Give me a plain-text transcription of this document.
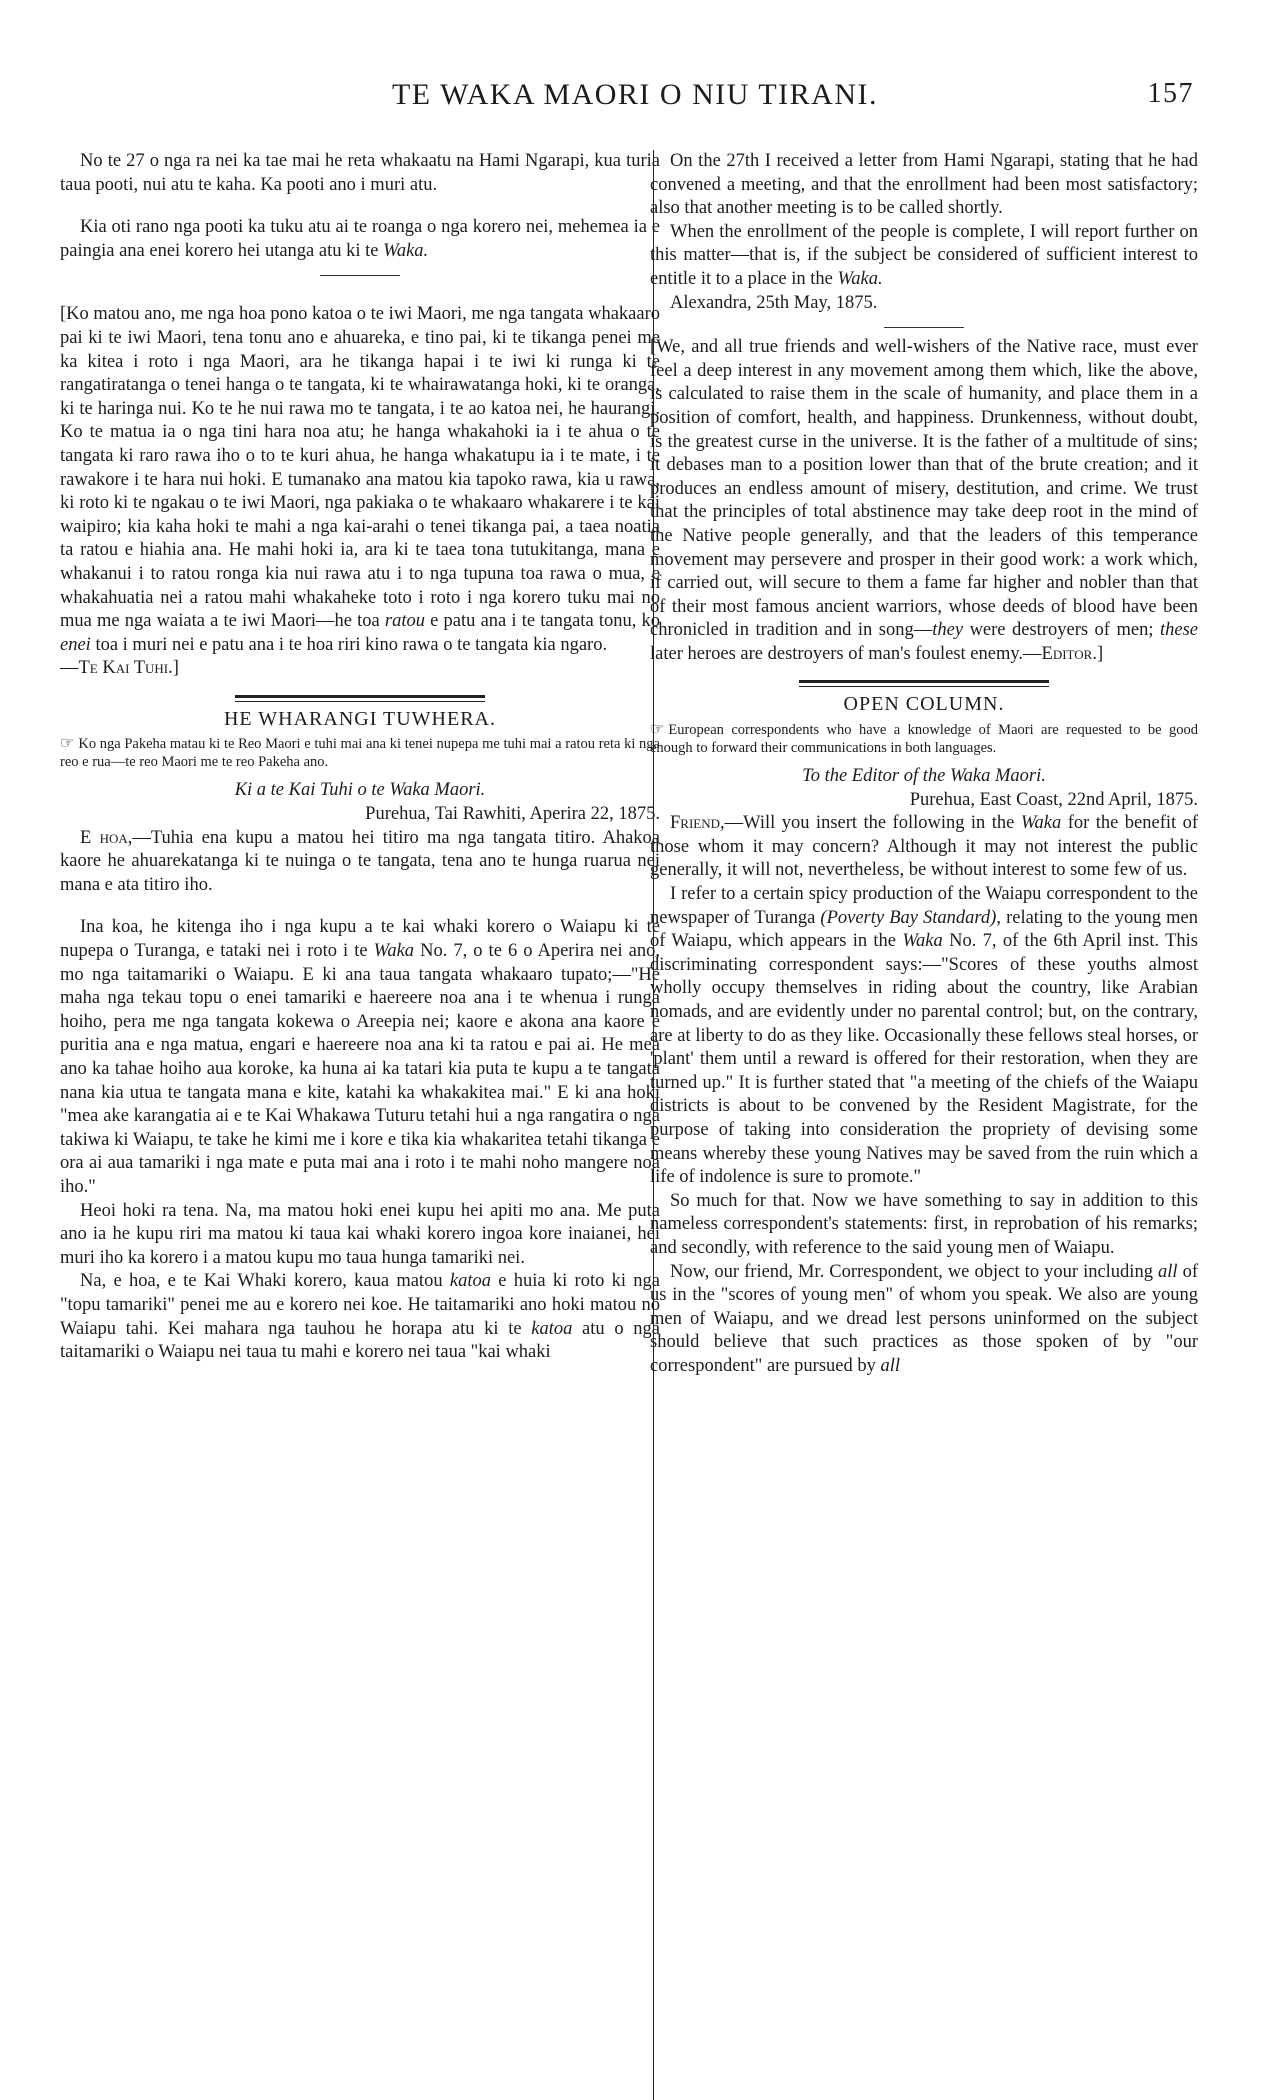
TE WAKA MAORI O NIU TIRANI.	157

No te 27 o nga ra nei ka tae mai he reta whakaatu na Hami Ngarapi, kua turia taua pooti, nui atu te kaha. Ka pooti ano i muri atu.

Kia oti rano nga pooti ka tuku atu ai te roanga o nga korero nei, mehemea ia e paingia ana enei korero hei utanga atu ki te Waka.

[Ko matou ano, me nga hoa pono katoa o te iwi Maori, me nga tangata whakaaro pai ki te iwi Maori, tena tonu ano e ahuareka, e tino pai, ki te tikanga penei me ka kitea i roto i nga Maori, ara he tikanga hapai i te iwi ki runga ki te rangatiratanga o tenei hanga o te tangata, ki te whairawatanga hoki, ki te oranga, ki te haringa nui. Ko te he nui rawa mo te tangata, i te ao katoa nei, he haurangi. Ko te matua ia o nga tini hara noa atu; he hanga whakahoki ia i te ahua o te tangata ki raro rawa iho o to te kuri ahua, he hanga whakatupu ia i te mate, i te rawakore i te hara nui hoki. E tumanako ana matou kia tapoko rawa, kia u rawa, ki roto ki te ngakau o te iwi Maori, nga pakiaka o te whakaaro whakarere i te kai waipiro; kia kaha hoki te mahi a nga kai-arahi o tenei tikanga pai, a taea noatia ta ratou e hiahia ana. He mahi hoki ia, ara ki te taea tona tutukitanga, mana e whakanui i to ratou ronga kia nui rawa atu i to nga tupuna toa rawa o mua, e whakahuatia nei a ratou mahi whakaheke toto i roto i nga korero tuku mai no mua me nga waiata a te iwi Maori—he toa ratou e patu ana i te tangata tonu, ko enei toa i muri nei e patu ana i te hoa riri kino rawa o te tangata kia ngaro.
—Te Kai Tuhi.]

HE WHARANGI TUWHERA.

☞ Ko nga Pakeha matau ki te Reo Maori e tuhi mai ana ki tenei nupepa me tuhi mai a ratou reta ki nga reo e rua—te reo Maori me te reo Pakeha ano.

Ki a te Kai Tuhi o te Waka Maori.

Purehua, Tai Rawhiti, Aperira 22, 1875.

E hoa,—Tuhia ena kupu a matou hei titiro ma nga tangata titiro. Ahakoa kaore he ahuarekatanga ki te nuinga o te tangata, tena ano te hunga ruarua nei mana e ata titiro iho.

Ina koa, he kitenga iho i nga kupu a te kai whaki korero o Waiapu ki te nupepa o Turanga, e tataki nei i roto i te Waka No. 7, o te 6 o Aperira nei ano, mo nga taitamariki o Waiapu. E ki ana taua tangata whakaaro tupato;—"He maha nga tekau topu o enei tamariki e haereere noa ana i te whenua i runga hoiho, pera me nga tangata kokewa o Areepia nei; kaore e akona ana kaore e puritia ana e nga matua, engari e haereere noa ana ki ta ratou e pai ai. He mea ano ka tahae hoiho aua koroke, ka huna ai ka tatari kia puta te kupu a te tangata nana kia utua te tangata mana e kite, katahi ka whakakitea mai." E ki ana hoki "mea ake karangatia ai e te Kai Whakawa Tuturu tetahi hui a nga rangatira o nga takiwa ki Waiapu, te take he kimi me i kore e tika kia whakaritea tetahi tikanga e ora ai aua tamariki i nga mate e puta mai ana i roto i te mahi noho mangere noa iho."

Heoi hoki ra tena. Na, ma matou hoki enei kupu hei apiti mo ana. Me puta ano ia he kupu riri ma matou ki taua kai whaki korero ingoa kore inaianei, hei muri iho ka korero i a matou kupu mo taua hunga tamariki nei.

Na, e hoa, e te Kai Whaki korero, kaua matou katoa e huia ki roto ki nga "topu tamariki" penei me au e korero nei koe. He taitamariki ano hoki matou no Waiapu tahi. Kei mahara nga tauhou he horapa atu ki te katoa atu o nga taitamariki o Waiapu nei taua tu mahi e korero nei taua "kai whaki

On the 27th I received a letter from Hami Ngarapi, stating that he had convened a meeting, and that the enrollment had been most satisfactory; also that another meeting is to be called shortly.

When the enrollment of the people is complete, I will report further on this matter—that is, if the subject be considered of sufficient interest to entitle it to a place in the Waka.

Alexandra, 25th May, 1875.

[We, and all true friends and well-wishers of the Native race, must ever feel a deep interest in any movement among them which, like the above, is calculated to raise them in the scale of humanity, and place them in a position of comfort, health, and happiness. Drunkenness, without doubt, is the greatest curse in the universe. It is the father of a multitude of sins; it debases man to a position lower than that of the brute creation; and it produces an endless amount of misery, destitution, and crime. We trust that the principles of total abstinence may take deep root in the mind of the Native people generally, and that the leaders of this temperance movement may persevere and prosper in their good work: a work which, if carried out, will secure to them a fame far higher and nobler than that of their most famous ancient warriors, whose deeds of blood have been chronicled in tradition and in song—they were destroyers of men; these later heroes are destroyers of man's foulest enemy.—Editor.]

OPEN COLUMN.

☞ European correspondents who have a knowledge of Maori are requested to be good enough to forward their communications in both languages.

To the Editor of the Waka Maori.

Purehua, East Coast, 22nd April, 1875.

Friend,—Will you insert the following in the Waka for the benefit of those whom it may concern? Although it may not interest the public generally, it will not, nevertheless, be without interest to some few of us.

I refer to a certain spicy production of the Waiapu correspondent to the newspaper of Turanga (Poverty Bay Standard), relating to the young men of Waiapu, which appears in the Waka No. 7, of the 6th April inst. This discriminating correspondent says:—"Scores of these youths almost wholly occupy themselves in riding about the country, like Arabian nomads, and are evidently under no parental control; but, on the contrary, are at liberty to do as they like. Occasionally these fellows steal horses, or 'plant' them until a reward is offered for their restoration, when they are turned up." It is further stated that "a meeting of the chiefs of the Waiapu districts is about to be convened by the Resident Magistrate, for the purpose of taking into consideration the propriety of devising some means whereby these young Natives may be saved from the ruin which a life of indolence is sure to promote."

So much for that. Now we have something to say in addition to this nameless correspondent's statements: first, in reprobation of his remarks; and secondly, with reference to the said young men of Waiapu.

Now, our friend, Mr. Correspondent, we object to your including all of us in the "scores of young men" of whom you speak. We also are young men of Waiapu, and we dread lest persons uninformed on the subject should believe that such practices as those spoken of by "our correspondent" are pursued by all
